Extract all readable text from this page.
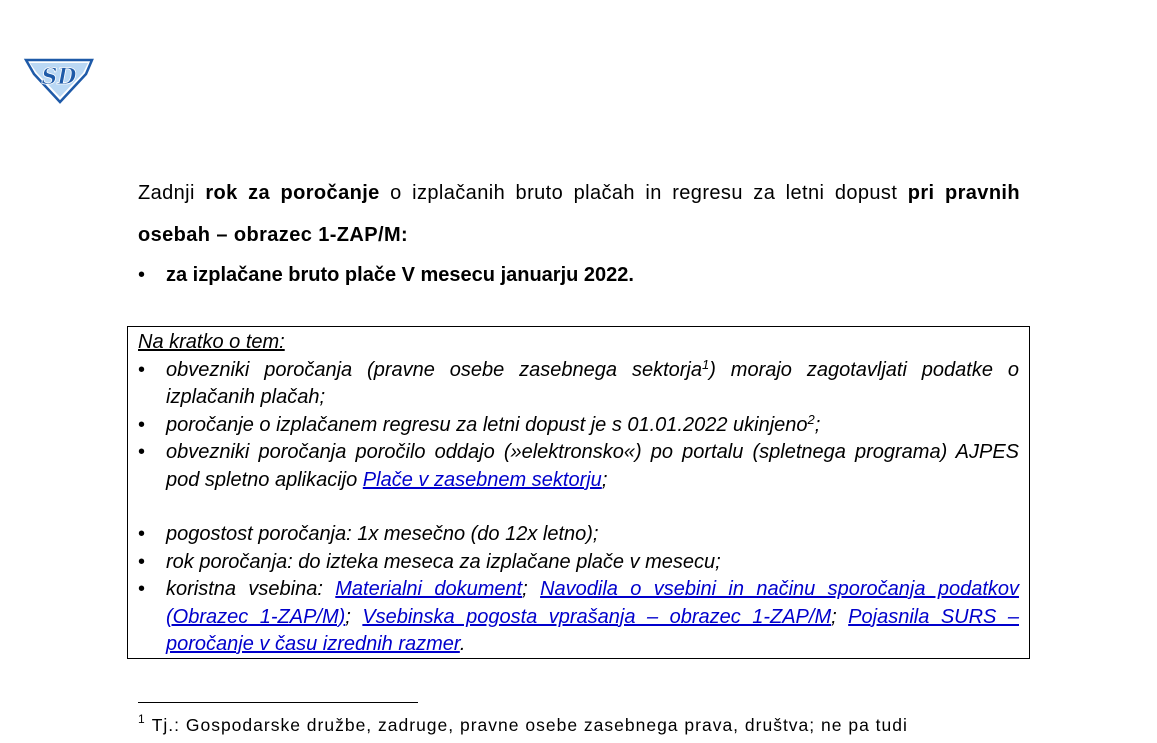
SD
Zadnji rok za poročanje o izplačanih bruto plačah in regresu za letni dopust pri pravnih osebah – obrazec 1-ZAP/M:
•	za izplačane bruto plače V mesecu januarju 2022.
Na kratko o tem:
•	obvezniki poročanja (pravne osebe zasebnega sektorja$^1$) morajo zagotavljati podatke o izplačanih plačah;
•	poročanje o izplačanem regresu za letni dopust je s 01.01.2022 ukinjeno$^2$;
•	obvezniki poročanja poročilo oddajo (»elektronsko«) po portalu (spletnega programa) AJPES pod spletno aplikacijo Plače v zasebnem sektorju;
•	pogostost poročanja: 1x mesečno (do 12x letno);
•	rok poročanja: do izteka meseca za izplačane plače v mesecu;
•	koristna vsebina: Materialni dokument; Navodila o vsebini in načinu sporočanja podatkov (Obrazec 1-ZAP/M); Vsebinska pogosta vprašanja – obrazec 1-ZAP/M; Pojasnila SURS – poročanje v času izrednih razmer.
$^1$ Tj.: Gospodarske družbe, zadruge, pravne osebe zasebnega prava, društva; ne pa tudi
